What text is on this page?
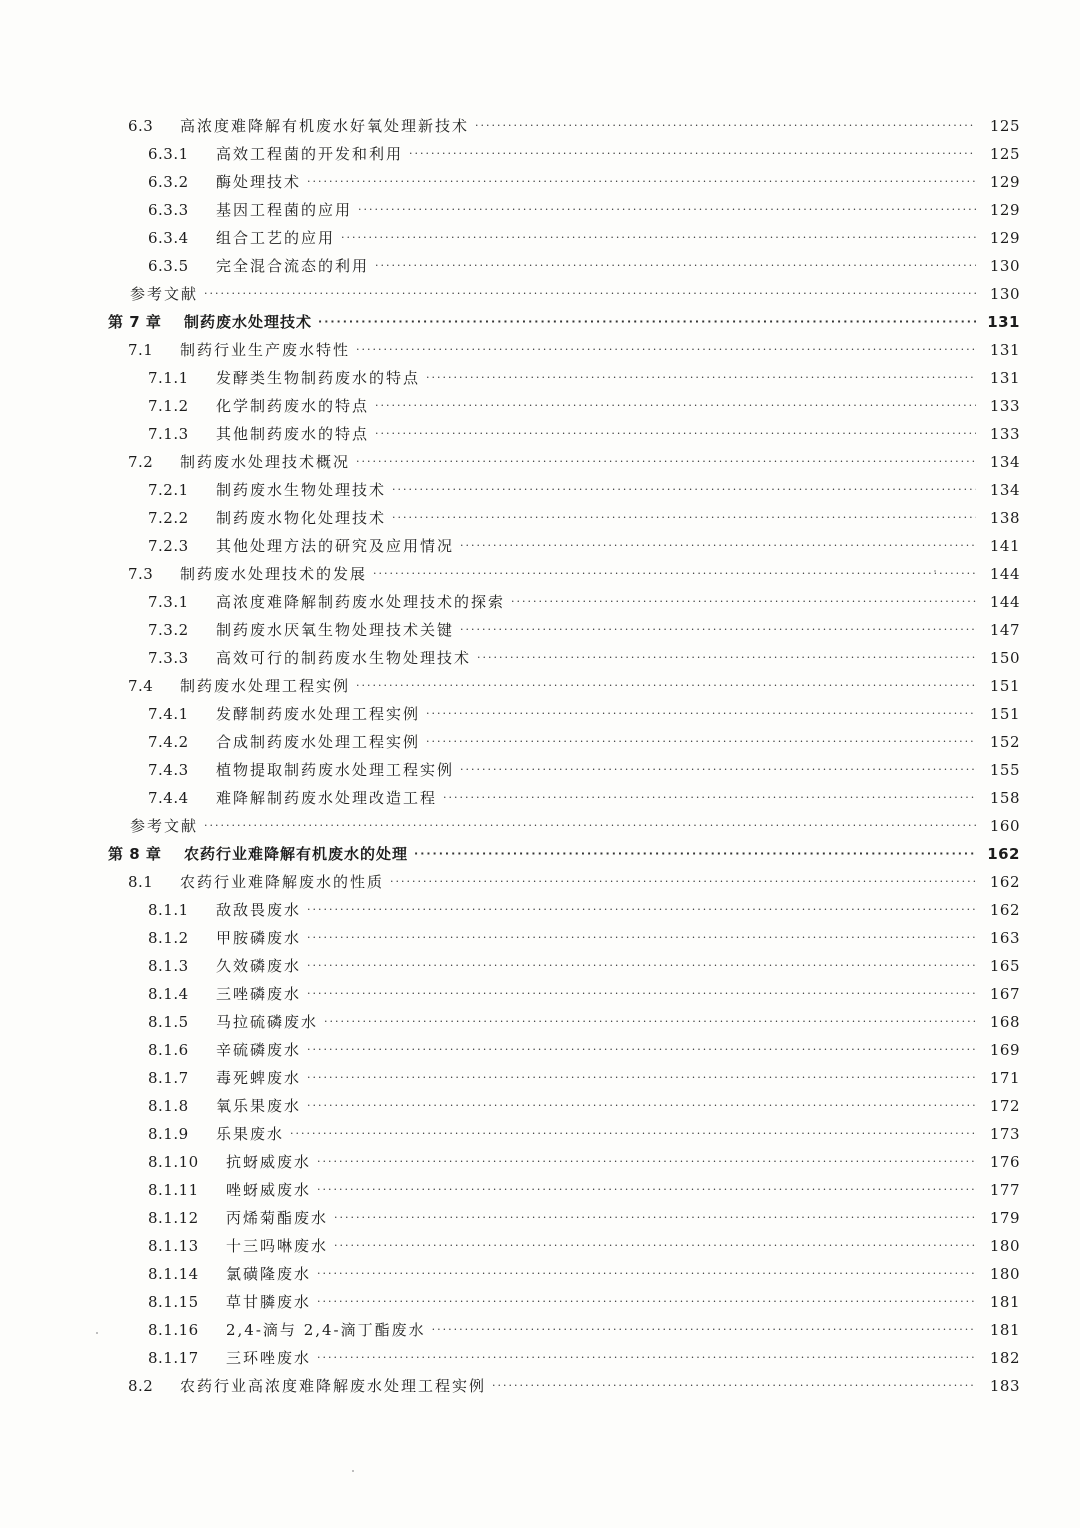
6.3	高浓度难降解有机废水好氧处理新技术 ·····	125
6.3.1	高效工程菌的开发和利用 ·····	125
6.3.2	酶处理技术 ·····	129
6.3.3	基因工程菌的应用 ·····	129
6.3.4	组合工艺的应用 ·····	129
6.3.5	完全混合流态的利用 ·····	130
参考文献 ·····	130
第 7 章	制药废水处理技术 ·····	131
7.1	制药行业生产废水特性 ·····	131
7.1.1	发酵类生物制药废水的特点 ·····	131
7.1.2	化学制药废水的特点 ·····	133
7.1.3	其他制药废水的特点 ·····	133
7.2	制药废水处理技术概况 ·····	134
7.2.1	制药废水生物处理技术 ·····	134
7.2.2	制药废水物化处理技术 ·····	138
7.2.3	其他处理方法的研究及应用情况 ·····	141
7.3	制药废水处理技术的发展 ·····	144
7.3.1	高浓度难降解制药废水处理技术的探索 ·····	144
7.3.2	制药废水厌氧生物处理技术关键 ·····	147
7.3.3	高效可行的制药废水生物处理技术 ·····	150
7.4	制药废水处理工程实例 ·····	151
7.4.1	发酵制药废水处理工程实例 ·····	151
7.4.2	合成制药废水处理工程实例 ·····	152
7.4.3	植物提取制药废水处理工程实例 ·····	155
7.4.4	难降解制药废水处理改造工程 ·····	158
参考文献 ·····	160
第 8 章	农药行业难降解有机废水的处理 ·····	162
8.1	农药行业难降解废水的性质 ·····	162
8.1.1	敌敌畏废水 ·····	162
8.1.2	甲胺磷废水 ·····	163
8.1.3	久效磷废水 ·····	165
8.1.4	三唑磷废水 ·····	167
8.1.5	马拉硫磷废水 ·····	168
8.1.6	辛硫磷废水 ·····	169
8.1.7	毒死蜱废水 ·····	171
8.1.8	氧乐果废水 ·····	172
8.1.9	乐果废水 ·····	173
8.1.10	抗蚜威废水 ·····	176
8.1.11	唑蚜威废水 ·····	177
8.1.12	丙烯菊酯废水 ·····	179
8.1.13	十三吗啉废水 ·····	180
8.1.14	氯磺隆废水 ·····	180
8.1.15	草甘膦废水 ·····	181
8.1.16	2,4-滴与 2,4-滴丁酯废水 ·····	181
8.1.17	三环唑废水 ·····	182
8.2	农药行业高浓度难降解废水处理工程实例 ·····	183
